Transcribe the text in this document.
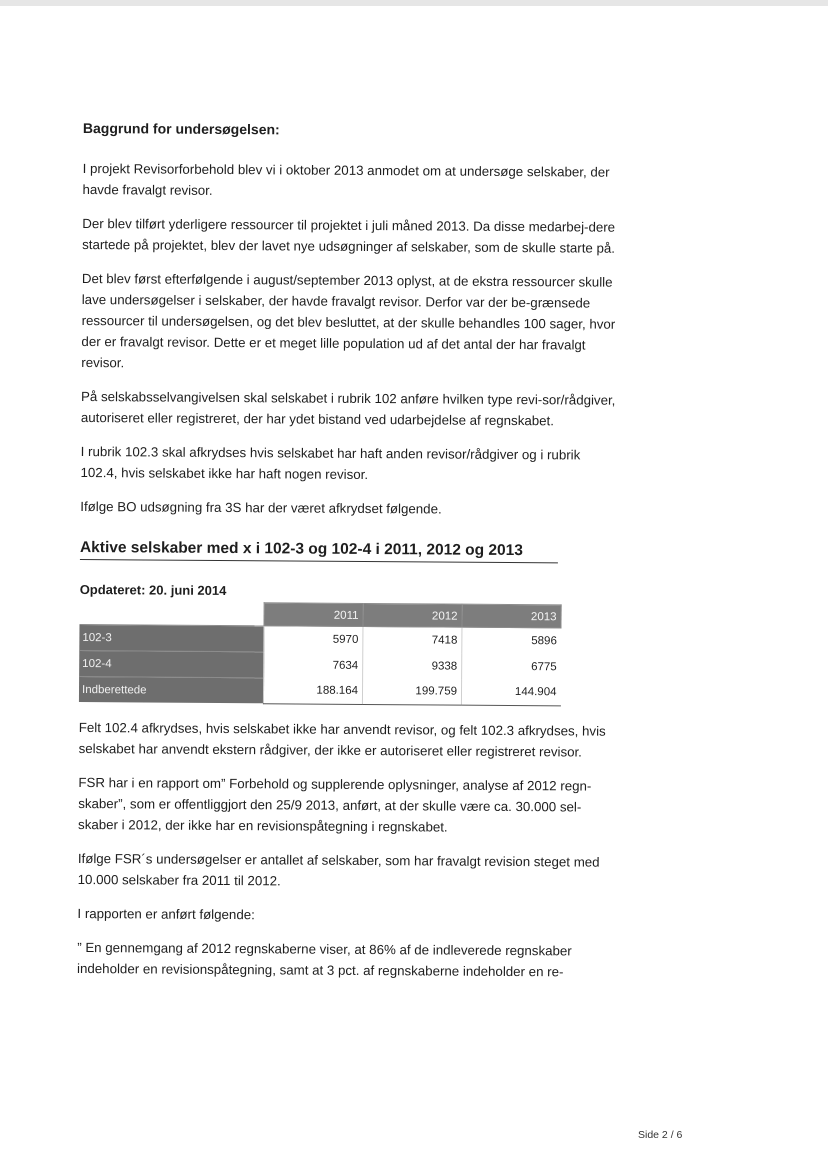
Baggrund for undersøgelsen:

I projekt Revisorforbehold blev vi i oktober 2013 anmodet om at undersøge selskaber, der havde fravalgt revisor.

Der blev tilført yderligere ressourcer til projektet i juli måned 2013. Da disse medarbej-dere startede på projektet, blev der lavet nye udsøgninger af selskaber, som de skulle starte på.

Det blev først efterfølgende i august/september 2013 oplyst, at de ekstra ressourcer skulle lave undersøgelser i selskaber, der havde fravalgt revisor. Derfor var der be-grænsede ressourcer til undersøgelsen, og det blev besluttet, at der skulle behandles 100 sager, hvor der er fravalgt revisor. Dette er et meget lille population ud af det antal der har fravalgt revisor.

På selskabsselvangivelsen skal selskabet i rubrik 102 anføre hvilken type revi-sor/rådgiver, autoriseret eller registreret, der har ydet bistand ved udarbejdelse af regnskabet.

I rubrik 102.3 skal afkrydses hvis selskabet har haft anden revisor/rådgiver og i rubrik 102.4, hvis selskabet ikke har haft nogen revisor.

Ifølge BO udsøgning fra 3S har der været afkrydset følgende.

Aktive selskaber med x i 102-3 og 102-4 i 2011, 2012 og 2013
Opdateret: 20. juni 2014
	2011	2012	2013
102-3	5970	7418	5896
102-4	7634	9338	6775
Indberettede	188.164	199.759	144.904

Felt 102.4 afkrydses, hvis selskabet ikke har anvendt revisor, og felt 102.3 afkrydses, hvis selskabet har anvendt ekstern rådgiver, der ikke er autoriseret eller registreret revisor.

FSR har i en rapport om” Forbehold og supplerende oplysninger, analyse af 2012 regn-skaber”, som er offentliggjort den 25/9 2013, anført, at der skulle være ca. 30.000 sel-skaber i 2012, der ikke har en revisionspåtegning i regnskabet.

Ifølge FSR´s undersøgelser er antallet af selskaber, som har fravalgt revision steget med 10.000 selskaber fra 2011 til 2012.

I rapporten er anført følgende:

” En gennemgang af 2012 regnskaberne viser, at 86% af de indleverede regnskaber indeholder en revisionspåtegning, samt at 3 pct. af regnskaberne indeholder en re-

Side 2 / 6
